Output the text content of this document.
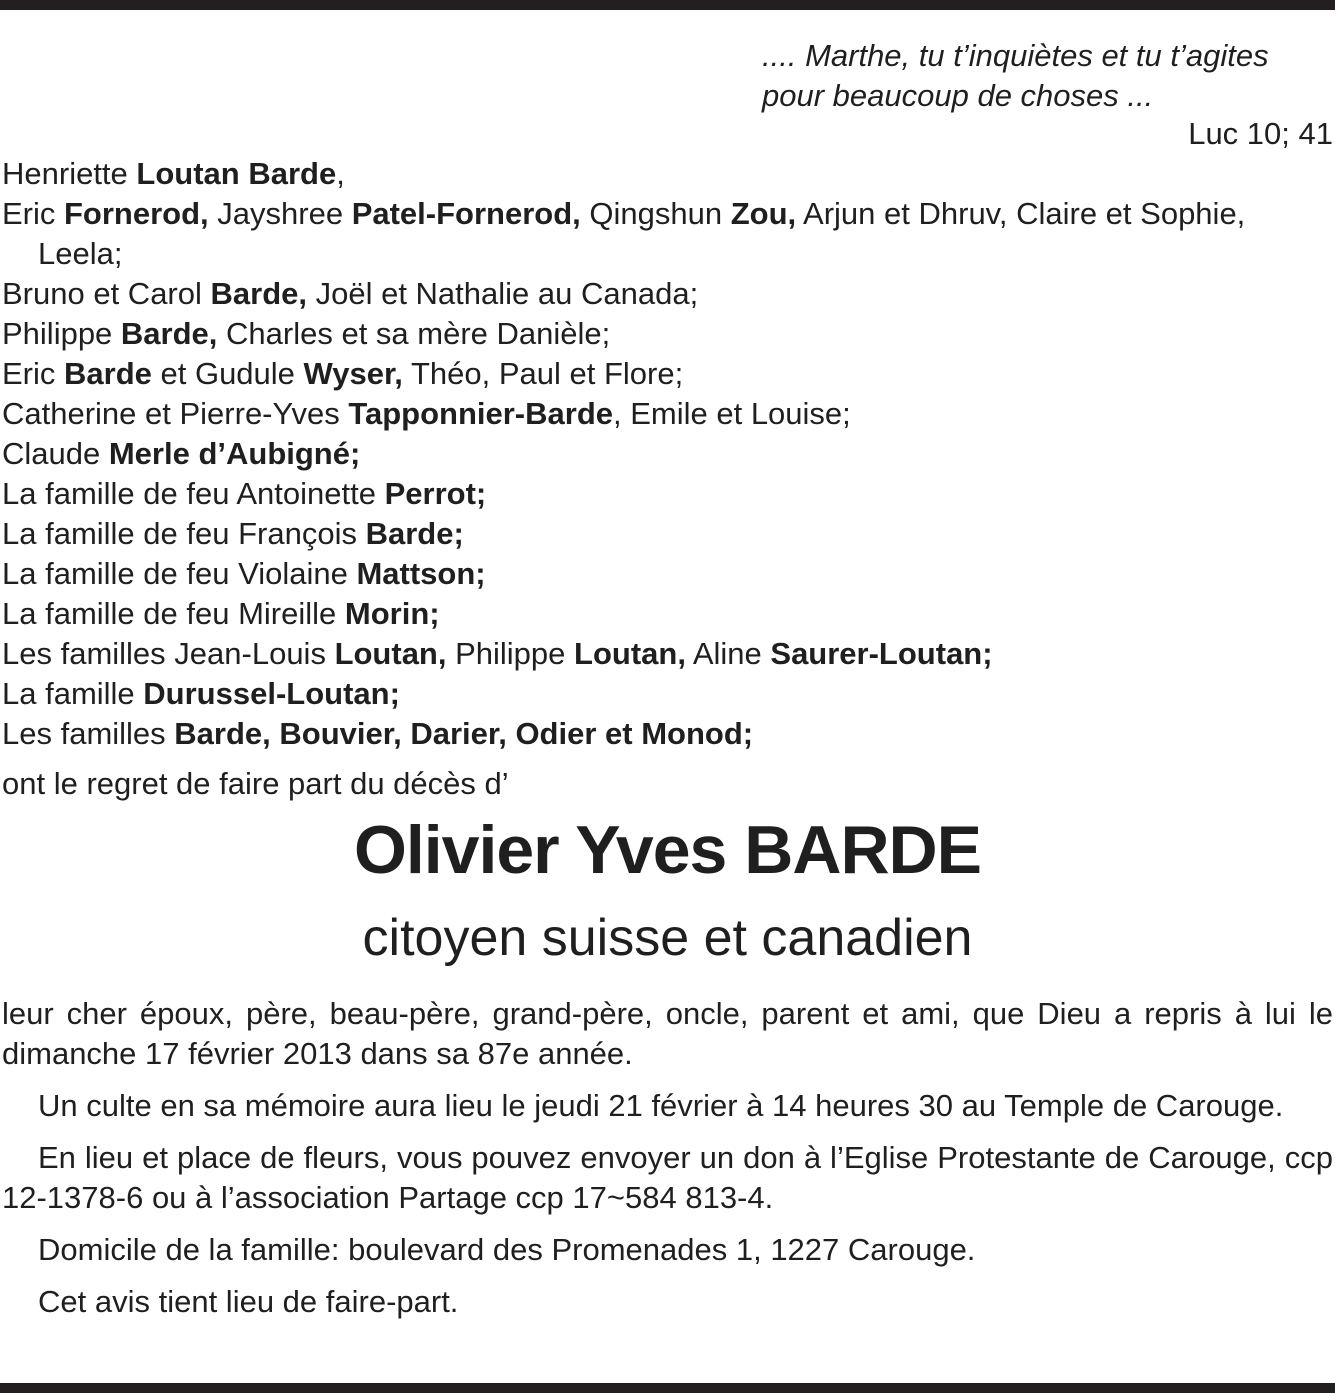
.... Marthe, tu t’inquiètes et tu t’agites
pour beaucoup de choses ...
Luc 10; 41
Henriette Loutan Barde,
Eric Fornerod, Jayshree Patel-Fornerod, Qingshun Zou, Arjun et Dhruv, Claire et Sophie, Leela;
Bruno et Carol Barde, Joël et Nathalie au Canada;
Philippe Barde, Charles et sa mère Danièle;
Eric Barde et Gudule Wyser, Théo, Paul et Flore;
Catherine et Pierre-Yves Tapponnier-Barde, Emile et Louise;
Claude Merle d’Aubigné;
La famille de feu Antoinette Perrot;
La famille de feu François Barde;
La famille de feu Violaine Mattson;
La famille de feu Mireille Morin;
Les familles Jean-Louis Loutan, Philippe Loutan, Aline Saurer-Loutan;
La famille Durussel-Loutan;
Les familles Barde, Bouvier, Darier, Odier et Monod;
ont le regret de faire part du décès d’
Olivier Yves BARDE
citoyen suisse et canadien

leur cher époux, père, beau-père, grand-père, oncle, parent et ami, que Dieu a repris à lui le dimanche 17 février 2013 dans sa 87e année.

Un culte en sa mémoire aura lieu le jeudi 21 février à 14 heures 30 au Temple de Carouge.

En lieu et place de fleurs, vous pouvez envoyer un don à l’Eglise Protestante de Carouge, ccp 12-1378-6 ou à l’association Partage ccp 17~584 813-4.

Domicile de la famille: boulevard des Promenades 1, 1227 Carouge.

Cet avis tient lieu de faire-part.
